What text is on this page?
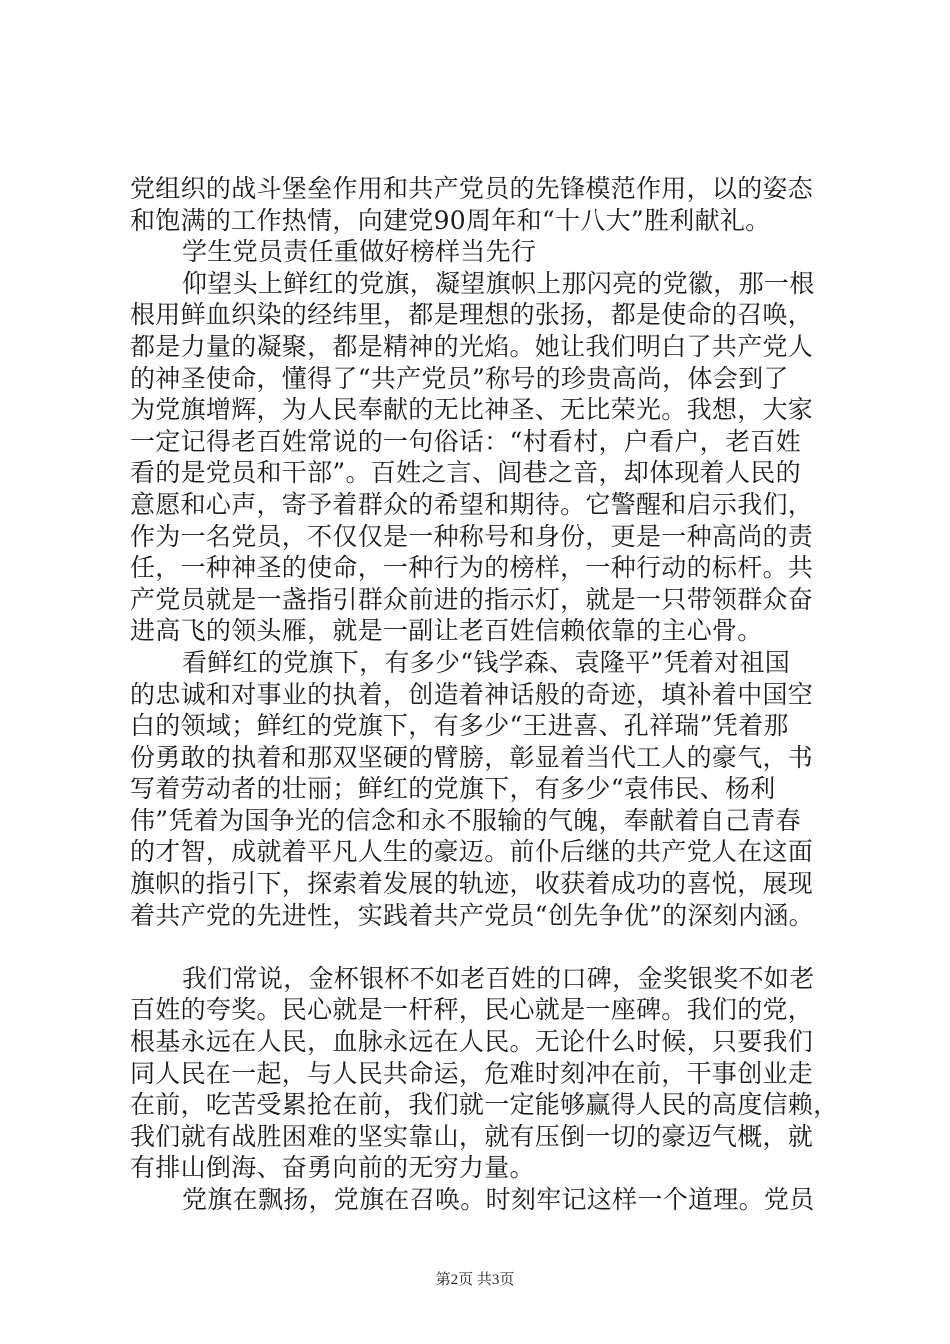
党组织的战斗堡垒作用和共产党员的先锋模范作用，以的姿态
和饱满的工作热情，向建党90周年和“十八大”胜利献礼。
学生党员责任重做好榜样当先行
仰望头上鲜红的党旗，凝望旗帜上那闪亮的党徽，那一根
根用鲜血织染的经纬里，都是理想的张扬，都是使命的召唤，
都是力量的凝聚，都是精神的光焰。她让我们明白了共产党人
的神圣使命，懂得了“共产党员”称号的珍贵高尚，体会到了
为党旗增辉，为人民奉献的无比神圣、无比荣光。我想，大家
一定记得老百姓常说的一句俗话：“村看村，户看户，老百姓
看的是党员和干部”。百姓之言、闾巷之音，却体现着人民的
意愿和心声，寄予着群众的希望和期待。它警醒和启示我们，
作为一名党员，不仅仅是一种称号和身份，更是一种高尚的责
任，一种神圣的使命，一种行为的榜样，一种行动的标杆。共
产党员就是一盏指引群众前进的指示灯，就是一只带领群众奋
进高飞的领头雁，就是一副让老百姓信赖依靠的主心骨。
看鲜红的党旗下，有多少“钱学森、袁隆平”凭着对祖国
的忠诚和对事业的执着，创造着神话般的奇迹，填补着中国空
白的领域；鲜红的党旗下，有多少“王进喜、孔祥瑞”凭着那
份勇敢的执着和那双坚硬的臂膀，彰显着当代工人的豪气，书
写着劳动者的壮丽；鲜红的党旗下，有多少“袁伟民、杨利
伟”凭着为国争光的信念和永不服输的气魄，奉献着自己青春
的才智，成就着平凡人生的豪迈。前仆后继的共产党人在这面
旗帜的指引下，探索着发展的轨迹，收获着成功的喜悦，展现
着共产党的先进性，实践着共产党员“创先争优”的深刻内涵。
我们常说，金杯银杯不如老百姓的口碑，金奖银奖不如老
百姓的夸奖。民心就是一杆秤，民心就是一座碑。我们的党，
根基永远在人民，血脉永远在人民。无论什么时候，只要我们
同人民在一起，与人民共命运，危难时刻冲在前，干事创业走
在前，吃苦受累抢在前，我们就一定能够赢得人民的高度信赖，
我们就有战胜困难的坚实靠山，就有压倒一切的豪迈气概，就
有排山倒海、奋勇向前的无穷力量。
党旗在飘扬，党旗在召唤。时刻牢记这样一个道理。党员
第2页 共3页
